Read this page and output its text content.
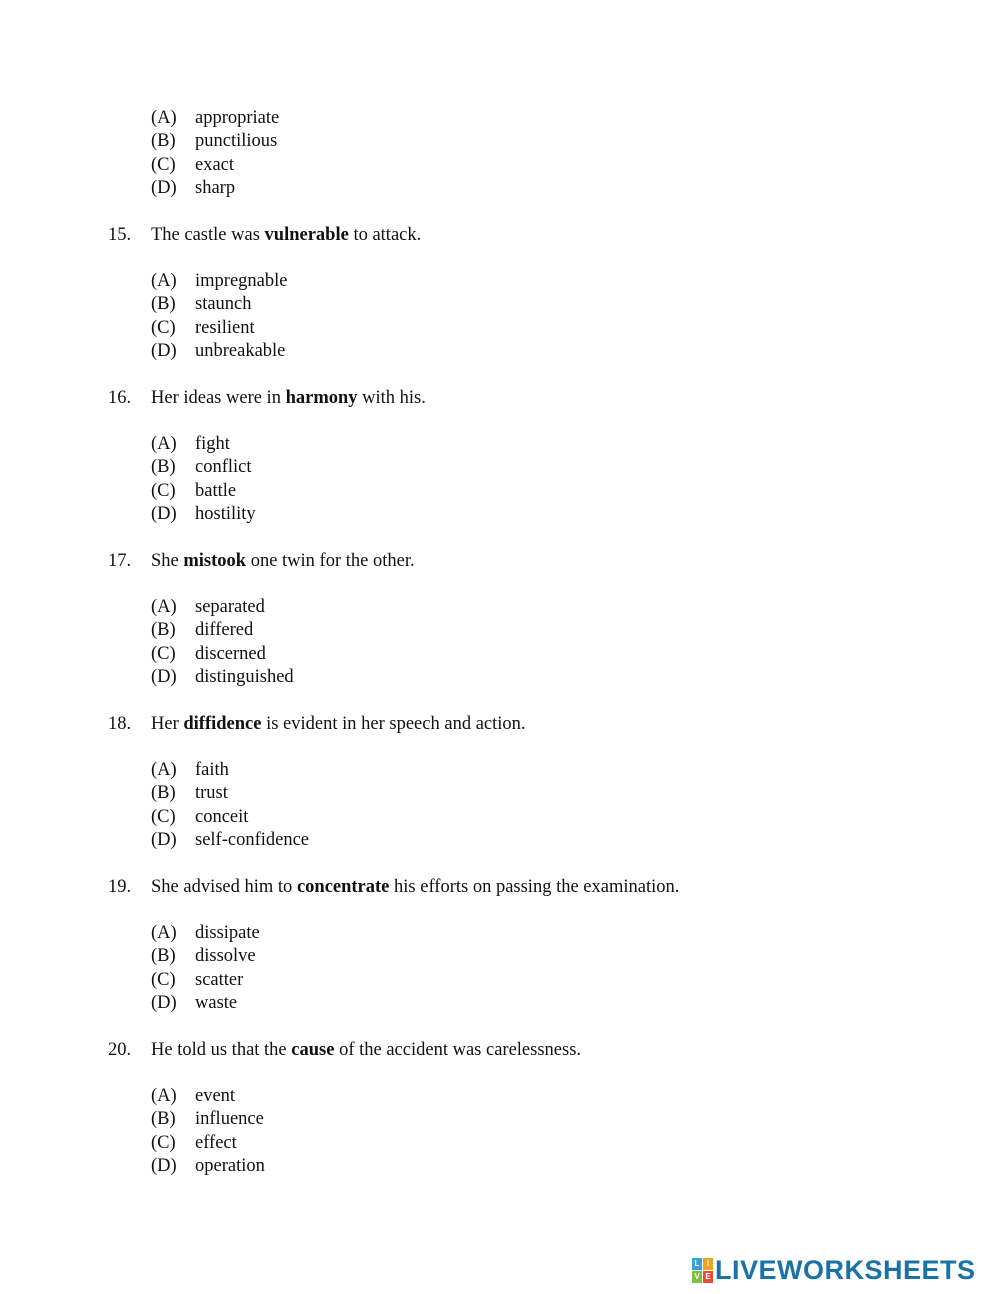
(A) appropriate
(B) punctilious
(C) exact
(D) sharp
15. The castle was vulnerable to attack.
(A) impregnable
(B) staunch
(C) resilient
(D) unbreakable
16. Her ideas were in harmony with his.
(A) fight
(B) conflict
(C) battle
(D) hostility
17. She mistook one twin for the other.
(A) separated
(B) differed
(C) discerned
(D) distinguished
18. Her diffidence is evident in her speech and action.
(A) faith
(B) trust
(C) conceit
(D) self-confidence
19. She advised him to concentrate his efforts on passing the examination.
(A) dissipate
(B) dissolve
(C) scatter
(D) waste
20. He told us that the cause of the accident was carelessness.
(A) event
(B) influence
(C) effect
(D) operation
L I
V E LIVEWORKSHEETS
